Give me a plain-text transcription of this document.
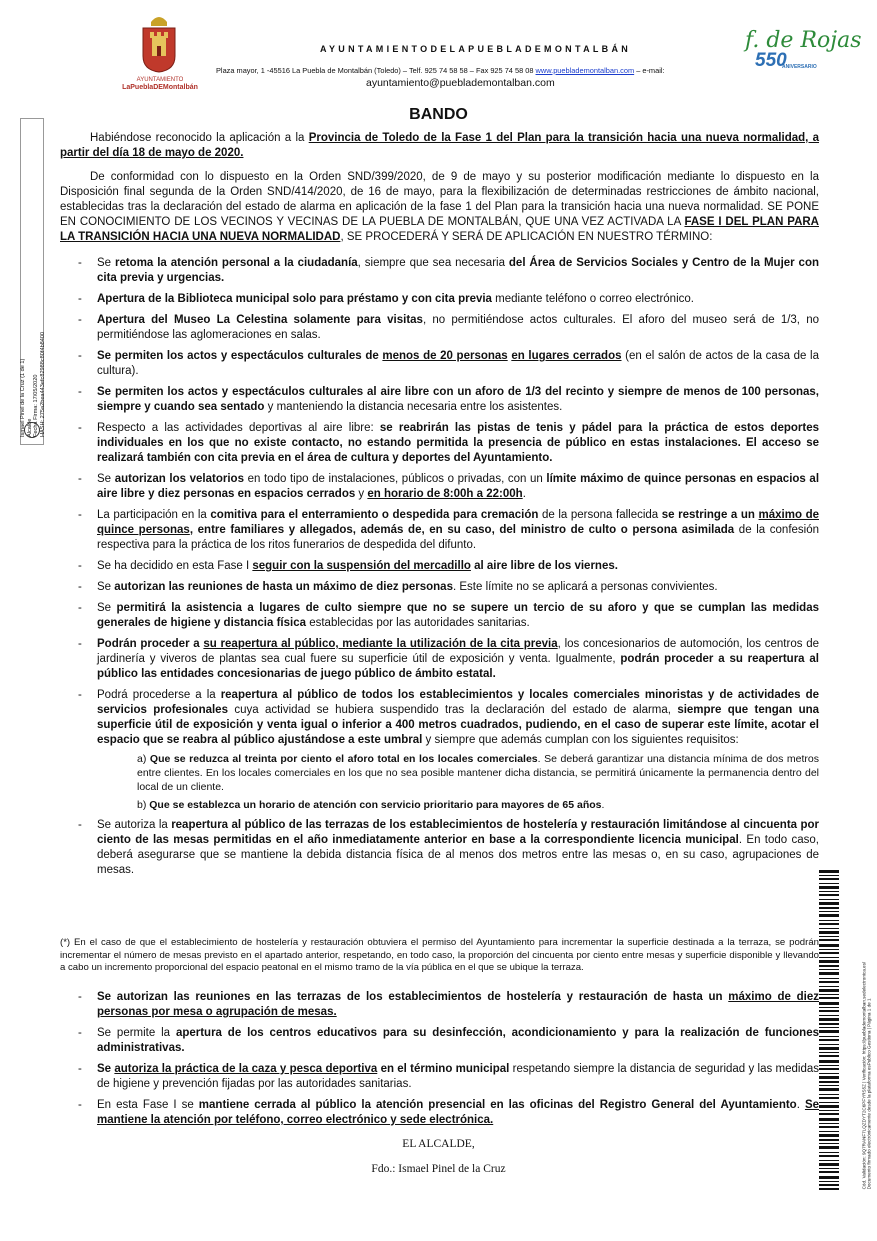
AYUNTAMIENTO
LaPueblaDEMontalbán
AYUNTAMIENTODELAPUEBLADEMONTALBÁN
Plaza mayor, 1 -45516 La Puebla de Montalbán (Toledo) – Telf. 925 74 58 58 – Fax 925 74 58 08 www.pueblademontalban.com – e-mail:
ayuntamiento@pueblademontalban.com
f. de Rojas
550
ANIVERSARIO
Ismael Pinel de la Cruz (1 de 1) Alcalde Fecha Firma: 17/05/2020 HASH: 275a2bea443efc82988c80f4b8400
BANDO
Habiéndose reconocido la aplicación a la Provincia de Toledo de la Fase 1 del Plan para la transición hacia una nueva normalidad, a partir del día 18 de mayo de 2020.
De conformidad con lo dispuesto en la Orden SND/399/2020, de 9 de mayo y su posterior modificación mediante lo dispuesto en la Disposición final segunda de la Orden SND/414/2020, de 16 de mayo, para la flexibilización de determinadas restricciones de ámbito nacional, establecidas tras la declaración del estado de alarma en aplicación de la fase 1 del Plan para la transición hacia una nueva normalidad. SE PONE EN CONOCIMIENTO DE LOS VECINOS Y VECINAS DE LA PUEBLA DE MONTALBÁN, QUE UNA VEZ ACTIVADA LA FASE I DEL PLAN PARA LA TRANSICIÓN HACIA UNA NUEVA NORMALIDAD, SE PROCEDERÁ Y SERÁ DE APLICACIÓN EN NUESTRO TÉRMINO:
- Se retoma la atención personal a la ciudadanía, siempre que sea necesaria del Área de Servicios Sociales y Centro de la Mujer con cita previa y urgencias.
- Apertura de la Biblioteca municipal solo para préstamo y con cita previa mediante teléfono o correo electrónico.
- Apertura del Museo La Celestina solamente para visitas, no permitiéndose actos culturales. El aforo del museo será de 1/3, no permitiéndose las aglomeraciones en salas.
- Se permiten los actos y espectáculos culturales de menos de 20 personas en lugares cerrados (en el salón de actos de la casa de la cultura).
- Se permiten los actos y espectáculos culturales al aire libre con un aforo de 1/3 del recinto y siempre de menos de 100 personas, siempre y cuando sea sentado y manteniendo la distancia necesaria entre los asistentes.
- Respecto a las actividades deportivas al aire libre: se reabrirán las pistas de tenis y pádel para la práctica de estos deportes individuales en los que no existe contacto, no estando permitida la presencia de público en estas instalaciones. El acceso se realizará también con cita previa en el área de cultura y deportes del Ayuntamiento.
- Se autorizan los velatorios en todo tipo de instalaciones, públicos o privadas, con un límite máximo de quince personas en espacios al aire libre y diez personas en espacios cerrados y en horario de 8:00h a 22:00h.
- La participación en la comitiva para el enterramiento o despedida para cremación de la persona fallecida se restringe a un máximo de quince personas, entre familiares y allegados, además de, en su caso, del ministro de culto o persona asimilada de la confesión respectiva para la práctica de los ritos funerarios de despedida del difunto.
- Se ha decidido en esta Fase I seguir con la suspensión del mercadillo al aire libre de los viernes.
- Se autorizan las reuniones de hasta un máximo de diez personas. Este límite no se aplicará a personas convivientes.
- Se permitirá la asistencia a lugares de culto siempre que no se supere un tercio de su aforo y que se cumplan las medidas generales de higiene y distancia física establecidas por las autoridades sanitarias.
- Podrán proceder a su reapertura al público, mediante la utilización de la cita previa, los concesionarios de automoción, los centros de jardinería y viveros de plantas sea cual fuere su superficie útil de exposición y venta. Igualmente, podrán proceder a su reapertura al público las entidades concesionarias de juego público de ámbito estatal.
- Podrá procederse a la reapertura al público de todos los establecimientos y locales comerciales minoristas y de actividades de servicios profesionales cuya actividad se hubiera suspendido tras la declaración del estado de alarma, siempre que tengan una superficie útil de exposición y venta igual o inferior a 400 metros cuadrados, pudiendo, en el caso de superar este límite, acotar el espacio que se reabra al público ajustándose a este umbral y siempre que además cumplan con los siguientes requisitos:
a) Que se reduzca al treinta por ciento el aforo total en los locales comerciales. Se deberá garantizar una distancia mínima de dos metros entre clientes. En los locales comerciales en los que no sea posible mantener dicha distancia, se permitirá únicamente la permanencia dentro del local de un cliente.
b) Que se establezca un horario de atención con servicio prioritario para mayores de 65 años.
- Se autoriza la reapertura al público de las terrazas de los establecimientos de hostelería y restauración limitándose al cincuenta por ciento de las mesas permitidas en el año inmediatamente anterior en base a la correspondiente licencia municipal. En todo caso, deberá asegurarse que se mantiene la debida distancia física de al menos dos metros entre las mesas o, en su caso, agrupaciones de mesas.
(*) En el caso de que el establecimiento de hostelería y restauración obtuviera el permiso del Ayuntamiento para incrementar la superficie destinada a la terraza, se podrán incrementar el número de mesas previsto en el apartado anterior, respetando, en todo caso, la proporción del cincuenta por ciento entre mesas y superficie disponible y llevando a cabo un incremento proporcional del espacio peatonal en el mismo tramo de la vía pública en el que se ubique la terraza.
- Se autorizan las reuniones en las terrazas de los establecimientos de hostelería y restauración de hasta un máximo de diez personas por mesa o agrupación de mesas.
- Se permite la apertura de los centros educativos para su desinfección, acondicionamiento y para la realización de funciones administrativas.
- Se autoriza la práctica de la caza y pesca deportiva en el término municipal respetando siempre la distancia de seguridad y las medidas de higiene y prevención fijadas por las autoridades sanitarias.
- En esta Fase I se mantiene cerrada al público la atención presencial en las oficinas del Registro General del Ayuntamiento. Se mantiene la atención por teléfono, correo electrónico y sede electrónica.
EL ALCALDE,
Fdo.: Ismael Pinel de la Cruz	Cód. Validación: 9Q7RANF7LQZDYT2C6PFYRS5Z | Verificación: https://pueblademontalban.sedelectronica.es/ Documento firmado electrónicamente desde la plataforma esPublico Gestiona | Página 1 de 1
